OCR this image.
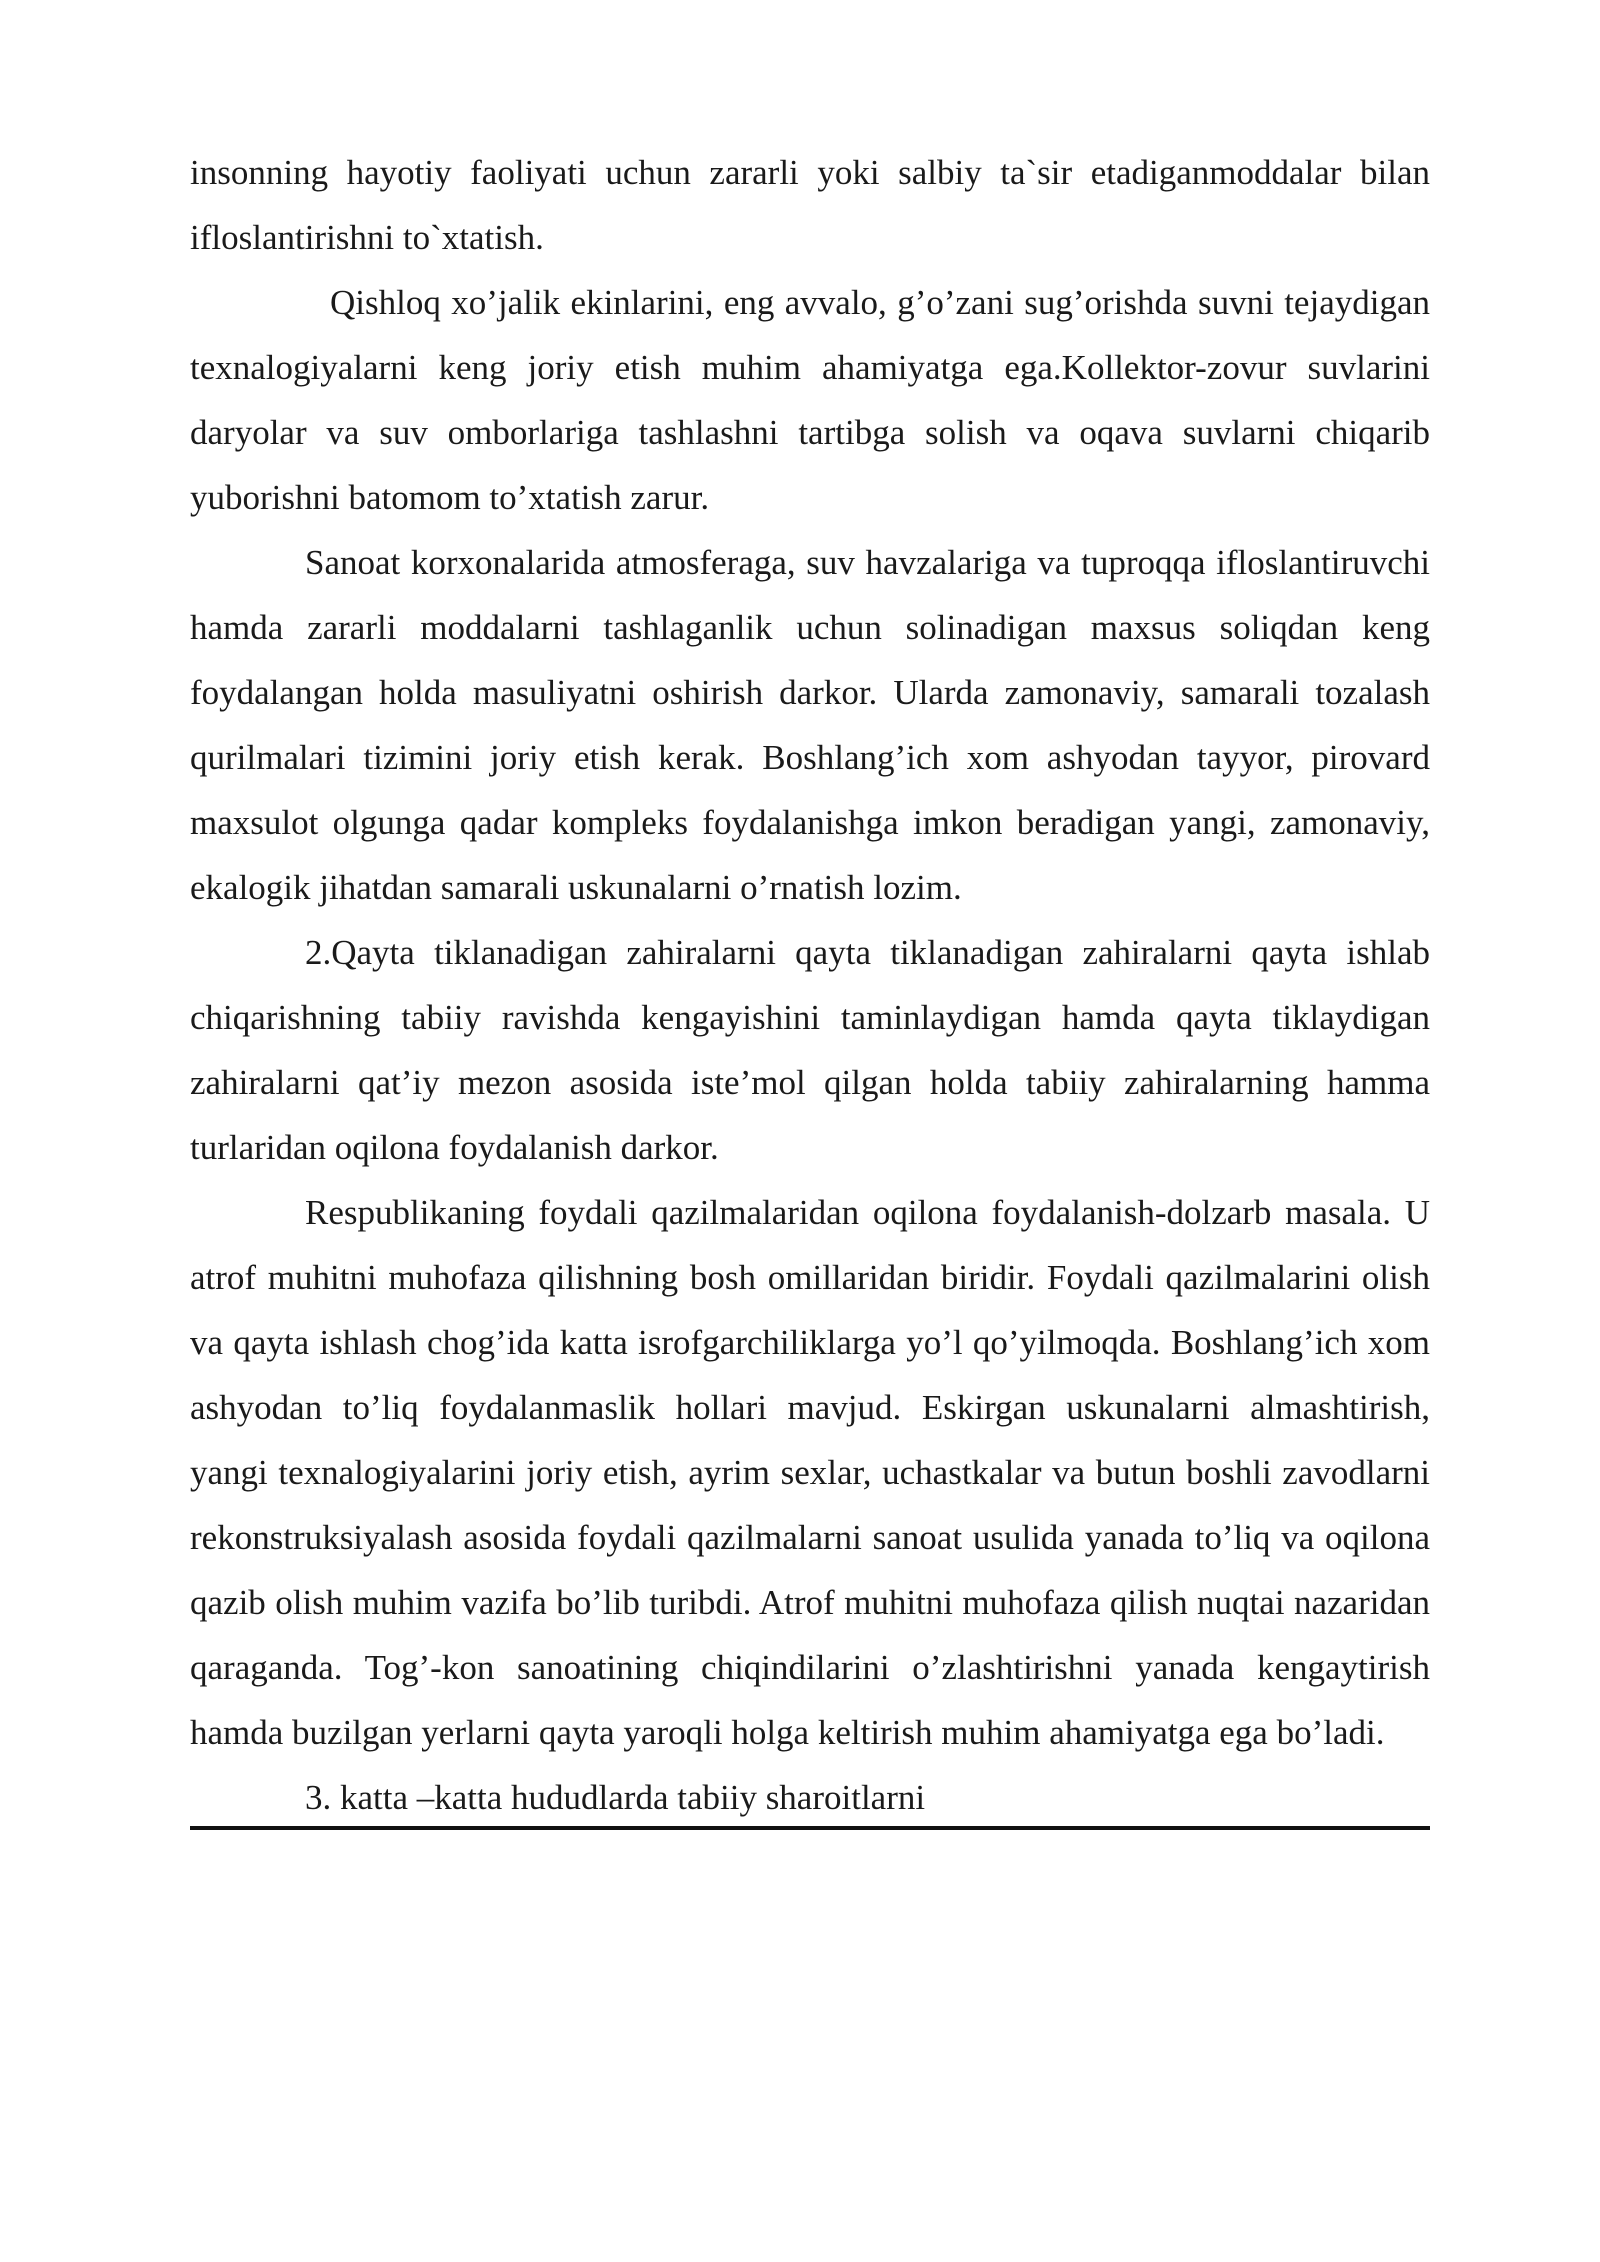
insonning hayotiy faoliyati uchun zararli yoki salbiy ta`sir etadiganmoddalar bilan ifloslantirishni to`xtatish.

Qishloq xo’jalik ekinlarini, eng avvalo, g’o’zani sug’orishda suvni tejaydigan texnalogiyalarni keng joriy etish muhim ahamiyatga ega.Kollektor-zovur suvlarini daryolar va suv omborlariga tashlashni tartibga solish va oqava suvlarni chiqarib yuborishni batomom to’xtatish zarur.

Sanoat korxonalarida atmosferaga, suv havzalariga va tuproqqa ifloslantiruvchi hamda zararli moddalarni tashlaganlik uchun solinadigan maxsus soliqdan keng foydalangan holda masuliyatni oshirish darkor. Ularda zamonaviy, samarali tozalash qurilmalari tizimini joriy etish kerak. Boshlang’ich xom ashyodan tayyor, pirovard maxsulot olgunga qadar kompleks foydalanishga imkon beradigan yangi, zamonaviy, ekalogik jihatdan samarali uskunalarni o’rnatish lozim.

2.Qayta tiklanadigan zahiralarni qayta tiklanadigan zahiralarni qayta ishlab chiqarishning tabiiy ravishda kengayishini taminlaydigan hamda qayta tiklaydigan zahiralarni qat’iy mezon asosida iste’mol qilgan holda tabiiy zahiralarning hamma turlaridan oqilona foydalanish darkor.

Respublikaning foydali qazilmalaridan oqilona foydalanish-dolzarb masala. U atrof muhitni muhofaza qilishning bosh omillaridan biridir. Foydali qazilmalarini olish va qayta ishlash chog’ida katta isrofgarchiliklarga yo’l qo’yilmoqda. Boshlang’ich xom ashyodan to’liq foydalanmaslik hollari mavjud. Eskirgan uskunalarni almashtirish, yangi texnalogiyalarini joriy etish, ayrim sexlar, uchastkalar va butun boshli zavodlarni rekonstruksiyalash asosida foydali qazilmalarni sanoat usulida yanada to’liq va oqilona qazib olish muhim vazifa bo’lib turibdi. Atrof muhitni muhofaza qilish nuqtai nazaridan qaraganda. Tog’-kon sanoatining chiqindilarini o’zlashtirishni yanada kengaytirish hamda buzilgan yerlarni qayta yaroqli holga keltirish muhim ahamiyatga ega bo’ladi.

3. katta –katta hududlarda tabiiy sharoitlarni
